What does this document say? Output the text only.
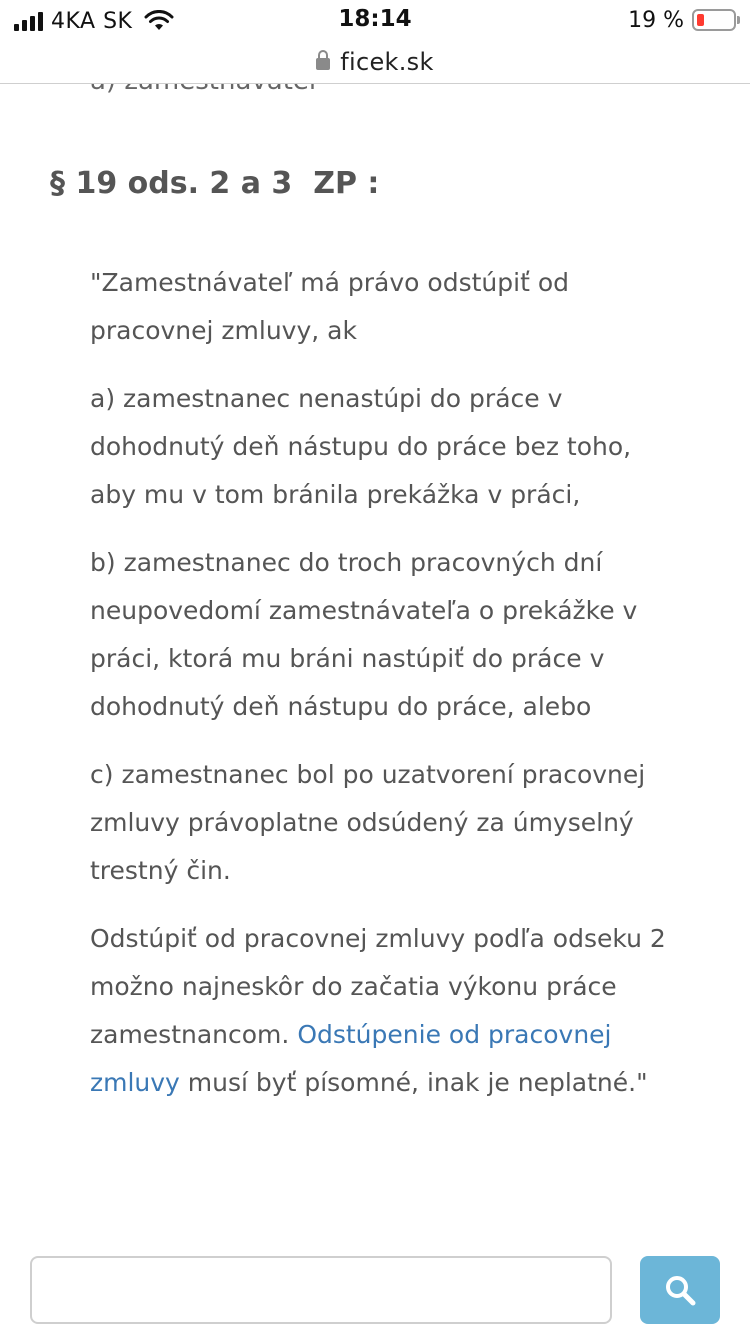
§ 19 ods. 2 a 3  ZP :

"Zamestnávateľ má právo odstúpiť od pracovnej zmluvy, ak

a) zamestnanec nenastúpi do práce v dohodnutý deň nástupu do práce bez toho, aby mu v tom bránila prekážka v práci,

b) zamestnanec do troch pracovných dní neupovedomí zamestnávateľa o prekážke v práci, ktorá mu bráni nastúpiť do práce v dohodnutý deň nástupu do práce, alebo

c) zamestnanec bol po uzatvorení pracovnej zmluvy právoplatne odsúdený za úmyselný trestný čin.

Odstúpiť od pracovnej zmluvy podľa odseku 2 možno najneskôr do začatia výkonu práce zamestnancom. Odstúpenie od pracovnej zmluvy musí byť písomné, inak je neplatné."

4KA SK	18:14	19 %
ficek.sk
